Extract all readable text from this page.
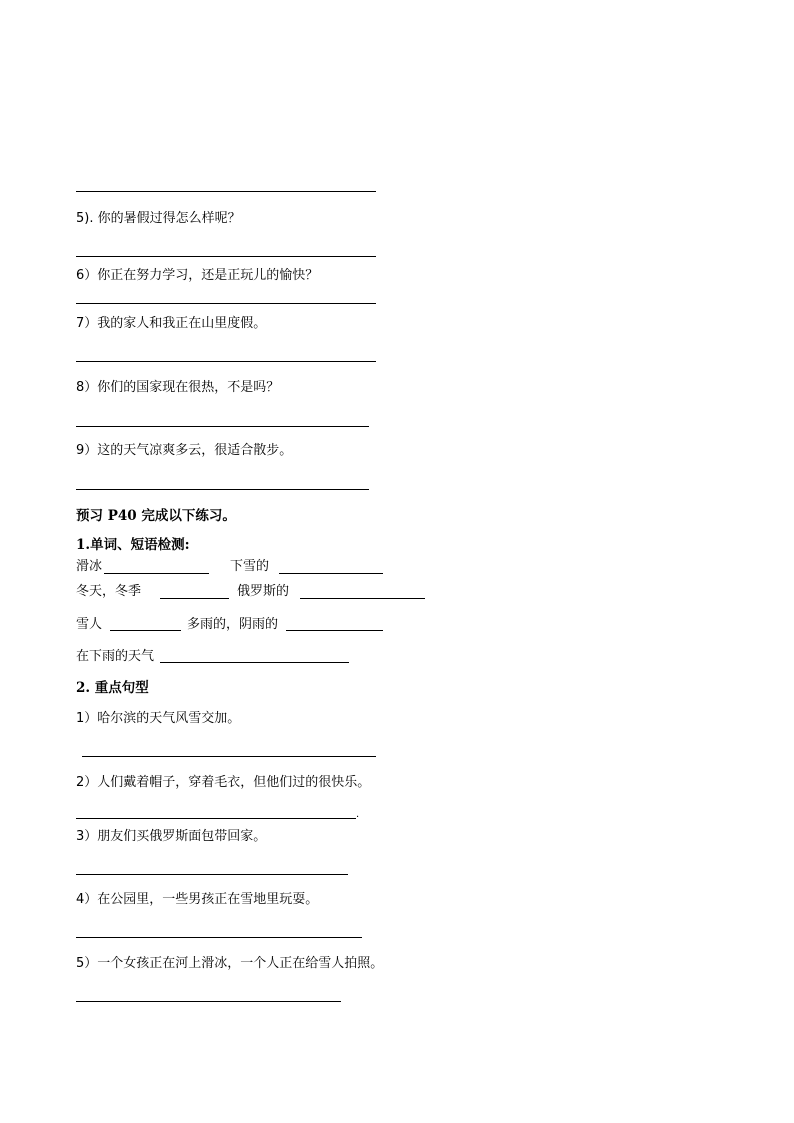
5). 你的暑假过得怎么样呢？
6）你正在努力学习，还是正玩儿的愉快？
7）我的家人和我正在山里度假。
8）你们的国家现在很热，不是吗？
9）这的天气凉爽多云，很适合散步。
预习 P40 完成以下练习。
1.单词、短语检测:
滑冰	下雪的
冬天，冬季	俄罗斯的
雪人	多雨的，阴雨的
在下雨的天气
2. 重点句型
1）哈尔滨的天气风雪交加。
2）人们戴着帽子，穿着毛衣，但他们过的很快乐。
.
3）朋友们买俄罗斯面包带回家。
4）在公园里，一些男孩正在雪地里玩耍。
5）一个女孩正在河上滑冰，一个人正在给雪人拍照。
